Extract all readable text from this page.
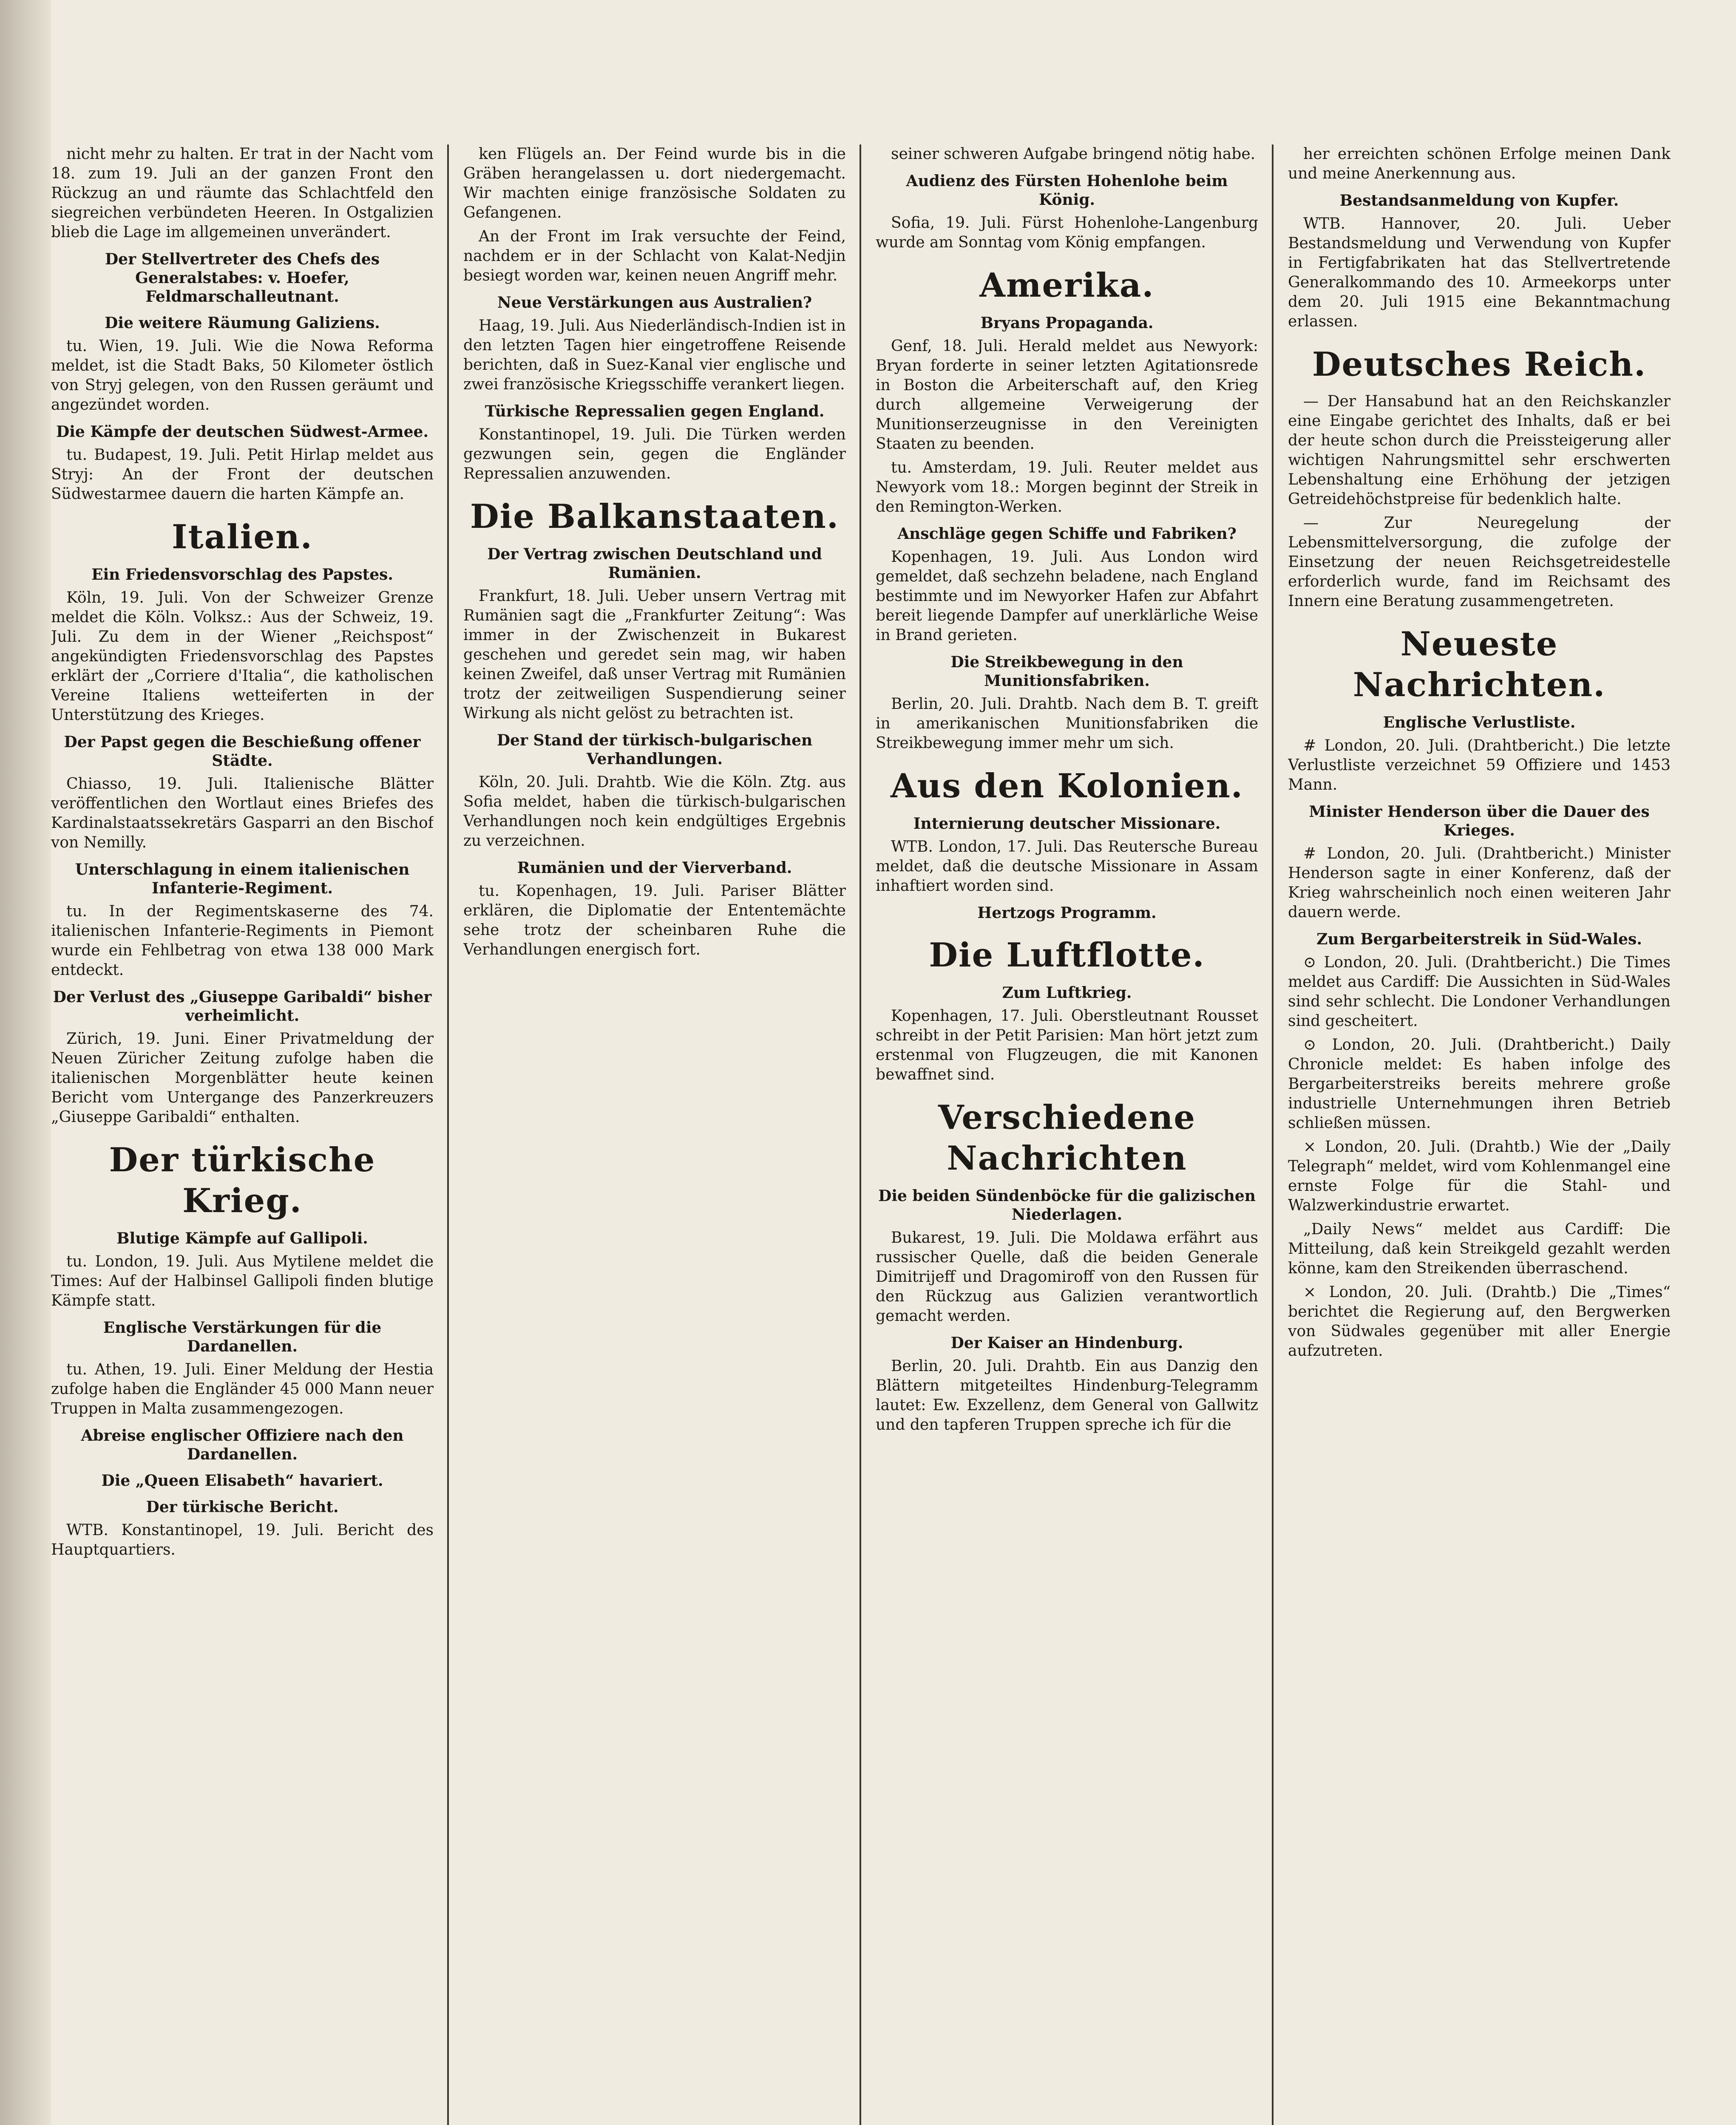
nicht mehr zu halten. Er trat in der Nacht vom 18. zum 19. Juli an der ganzen Front den Rückzug an und räumte das Schlachtfeld den siegreichen verbündeten Heeren. In Ostgalizien blieb die Lage im allgemeinen unverändert.

Der Stellvertreter des Chefs des Generalstabes: v. Hoefer, Feldmarschalleutnant.
Die weitere Räumung Galiziens.

tu. Wien, 19. Juli. Wie die Nowa Reforma meldet, ist die Stadt Baks, 50 Kilometer östlich von Stryj gelegen, von den Russen geräumt und angezündet worden.

Die Kämpfe der deutschen Südwest-Armee.

tu. Budapest, 19. Juli. Petit Hirlap meldet aus Stryj: An der Front der deutschen Südwestarmee dauern die harten Kämpfe an.

Italien.
Ein Friedensvorschlag des Papstes.

Köln, 19. Juli. Von der Schweizer Grenze meldet die Köln. Volksz.: Aus der Schweiz, 19. Juli. Zu dem in der Wiener „Reichspost“ angekündigten Friedensvorschlag des Papstes erklärt der „Corriere d'Italia“, die katholischen Vereine Italiens wetteiferten in der Unterstützung des Krieges.

Der Papst gegen die Beschießung offener Städte.

Chiasso, 19. Juli. Italienische Blätter veröffentlichen den Wortlaut eines Briefes des Kardinalstaatssekretärs Gasparri an den Bischof von Nemilly.

Unterschlagung in einem italienischen Infanterie-Regiment.

tu. In der Regimentskaserne des 74. italienischen Infanterie-Regiments in Piemont wurde ein Fehlbetrag von etwa 138 000 Mark entdeckt.

Der Verlust des „Giuseppe Garibaldi“ bisher verheimlicht.

Zürich, 19. Juni. Einer Privatmeldung der Neuen Züricher Zeitung zufolge haben die italienischen Morgenblätter heute keinen Bericht vom Untergange des Panzerkreuzers „Giuseppe Garibaldi“ enthalten.

Der türkische Krieg.
Blutige Kämpfe auf Gallipoli.

tu. London, 19. Juli. Aus Mytilene meldet die Times: Auf der Halbinsel Gallipoli finden blutige Kämpfe statt.

Englische Verstärkungen für die Dardanellen.

tu. Athen, 19. Juli. Einer Meldung der Hestia zufolge haben die Engländer 45 000 Mann neuer Truppen in Malta zusammengezogen.

Abreise englischer Offiziere nach den Dardanellen.
Die „Queen Elisabeth“ havariert.
Der türkische Bericht.

WTB. Konstantinopel, 19. Juli. Bericht des Hauptquartiers.

ken Flügels an. Der Feind wurde bis in die Gräben herangelassen u. dort niedergemacht. Wir machten einige französische Soldaten zu Gefangenen.

An der Front im Irak versuchte der Feind, nachdem er in der Schlacht von Kalat-Nedjin besiegt worden war, keinen neuen Angriff mehr.

Neue Verstärkungen aus Australien?

Haag, 19. Juli. Aus Niederländisch-Indien ist in den letzten Tagen hier eingetroffene Reisende berichten, daß in Suez-Kanal vier englische und zwei französische Kriegsschiffe verankert liegen.

Türkische Repressalien gegen England.

Konstantinopel, 19. Juli. Die Türken werden gezwungen sein, gegen die Engländer Repressalien anzuwenden.

Die Balkanstaaten.
Der Vertrag zwischen Deutschland und Rumänien.

Frankfurt, 18. Juli. Ueber unsern Vertrag mit Rumänien sagt die „Frankfurter Zeitung“: Was immer in der Zwischenzeit in Bukarest geschehen und geredet sein mag, wir haben keinen Zweifel, daß unser Vertrag mit Rumänien trotz der zeitweiligen Suspendierung seiner Wirkung als nicht gelöst zu betrachten ist.

Der Stand der türkisch-bulgarischen Verhandlungen.

Köln, 20. Juli. Drahtb. Wie die Köln. Ztg. aus Sofia meldet, haben die türkisch-bulgarischen Verhandlungen noch kein endgültiges Ergebnis zu verzeichnen.

Rumänien und der Vierverband.

tu. Kopenhagen, 19. Juli. Pariser Blätter erklären, die Diplomatie der Ententemächte sehe trotz der scheinbaren Ruhe die Verhandlungen energisch fort.

seiner schweren Aufgabe bringend nötig habe.

Audienz des Fürsten Hohenlohe beim König.

Sofia, 19. Juli. Fürst Hohenlohe-Langenburg wurde am Sonntag vom König empfangen.

Amerika.
Bryans Propaganda.

Genf, 18. Juli. Herald meldet aus Newyork: Bryan forderte in seiner letzten Agitationsrede in Boston die Arbeiterschaft auf, den Krieg durch allgemeine Verweigerung der Munitionserzeugnisse in den Vereinigten Staaten zu beenden.

tu. Amsterdam, 19. Juli. Reuter meldet aus Newyork vom 18.: Morgen beginnt der Streik in den Remington-Werken.

Anschläge gegen Schiffe und Fabriken?

Kopenhagen, 19. Juli. Aus London wird gemeldet, daß sechzehn beladene, nach England bestimmte und im Newyorker Hafen zur Abfahrt bereit liegende Dampfer auf unerklärliche Weise in Brand gerieten.

Die Streikbewegung in den Munitionsfabriken.

Berlin, 20. Juli. Drahtb. Nach dem B. T. greift in amerikanischen Munitionsfabriken die Streikbewegung immer mehr um sich.

Aus den Kolonien.
Internierung deutscher Missionare.

WTB. London, 17. Juli. Das Reutersche Bureau meldet, daß die deutsche Missionare in Assam inhaftiert worden sind.

Hertzogs Programm.
Die Luftflotte.
Zum Luftkrieg.

Kopenhagen, 17. Juli. Oberstleutnant Rousset schreibt in der Petit Parisien: Man hört jetzt zum erstenmal von Flugzeugen, die mit Kanonen bewaffnet sind.

Verschiedene Nachrichten
Die beiden Sündenböcke für die galizischen Niederlagen.

Bukarest, 19. Juli. Die Moldawa erfährt aus russischer Quelle, daß die beiden Generale Dimitrijeff und Dragomiroff von den Russen für den Rückzug aus Galizien verantwortlich gemacht werden.

Der Kaiser an Hindenburg.

Berlin, 20. Juli. Drahtb. Ein aus Danzig den Blättern mitgeteiltes Hindenburg-Telegramm lautet: Ew. Exzellenz, dem General von Gallwitz und den tapferen Truppen spreche ich für die

her erreichten schönen Erfolge meinen Dank und meine Anerkennung aus.

Bestandsanmeldung von Kupfer.

WTB. Hannover, 20. Juli. Ueber Bestandsmeldung und Verwendung von Kupfer in Fertigfabrikaten hat das Stellvertretende Generalkommando des 10. Armeekorps unter dem 20. Juli 1915 eine Bekanntmachung erlassen.

Deutsches Reich.

— Der Hansabund hat an den Reichskanzler eine Eingabe gerichtet des Inhalts, daß er bei der heute schon durch die Preissteigerung aller wichtigen Nahrungsmittel sehr erschwerten Lebenshaltung eine Erhöhung der jetzigen Getreidehöchstpreise für bedenklich halte.

— Zur Neuregelung der Lebensmittelversorgung, die zufolge der Einsetzung der neuen Reichsgetreidestelle erforderlich wurde, fand im Reichsamt des Innern eine Beratung zusammengetreten.

Neueste Nachrichten.
Englische Verlustliste.

# London, 20. Juli. (Drahtbericht.) Die letzte Verlustliste verzeichnet 59 Offiziere und 1453 Mann.

Minister Henderson über die Dauer des Krieges.

# London, 20. Juli. (Drahtbericht.) Minister Henderson sagte in einer Konferenz, daß der Krieg wahrscheinlich noch einen weiteren Jahr dauern werde.

Zum Bergarbeiterstreik in Süd-Wales.

⊙ London, 20. Juli. (Drahtbericht.) Die Times meldet aus Cardiff: Die Aussichten in Süd-Wales sind sehr schlecht. Die Londoner Verhandlungen sind gescheitert.

⊙ London, 20. Juli. (Drahtbericht.) Daily Chronicle meldet: Es haben infolge des Bergarbeiterstreiks bereits mehrere große industrielle Unternehmungen ihren Betrieb schließen müssen.

× London, 20. Juli. (Drahtb.) Wie der „Daily Telegraph“ meldet, wird vom Kohlenmangel eine ernste Folge für die Stahl- und Walzwerkindustrie erwartet.

„Daily News“ meldet aus Cardiff: Die Mitteilung, daß kein Streikgeld gezahlt werden könne, kam den Streikenden überraschend.

× London, 20. Juli. (Drahtb.) Die „Times“ berichtet die Regierung auf, den Bergwerken von Südwales gegenüber mit aller Energie aufzutreten.
